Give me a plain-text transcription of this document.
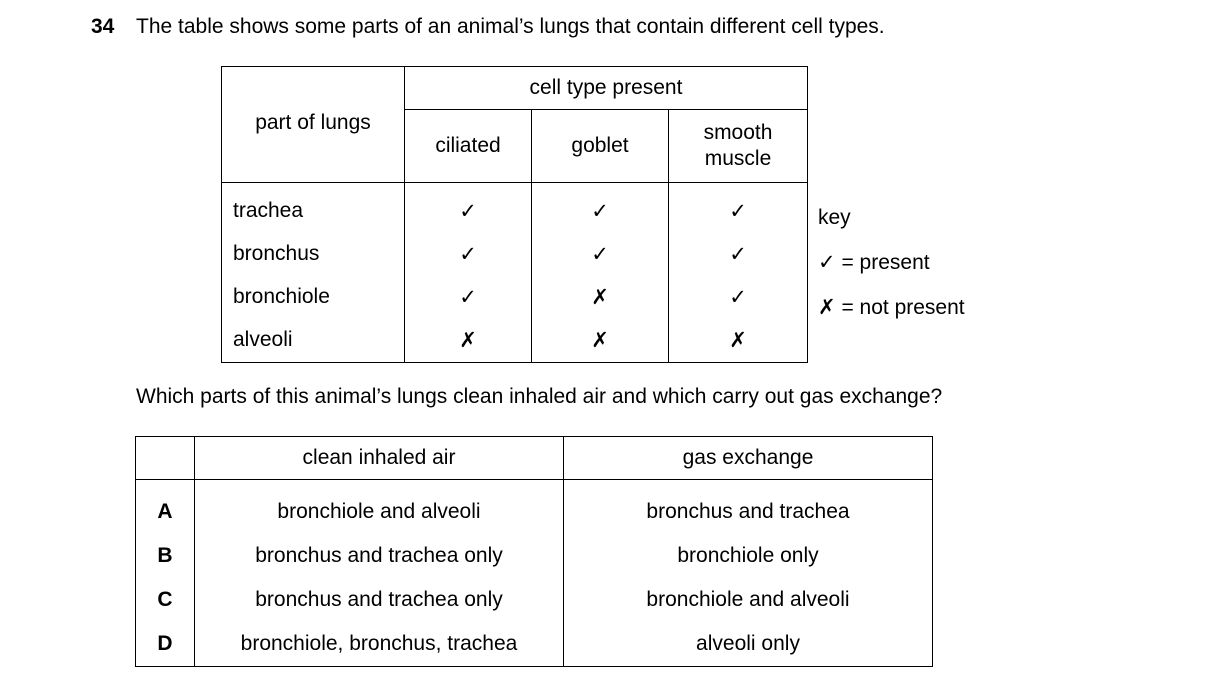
34 The table shows some parts of an animal’s lungs that contain different cell types.
part of lungs	cell type present		
	ciliated	goblet	smooth
muscle
trachea	✓	✓	✓
bronchus	✓	✓	✓
bronchiole	✓	✗	✓
alveoli	✗	✗	✗
key
✓ = present
✗ = not present
Which parts of this animal’s lungs clean inhaled air and which carry out gas exchange?
	clean inhaled air	gas exchange
A	bronchiole and alveoli	bronchus and trachea
B	bronchus and trachea only	bronchiole only
C	bronchus and trachea only	bronchiole and alveoli
D	bronchiole, bronchus, trachea	alveoli only
